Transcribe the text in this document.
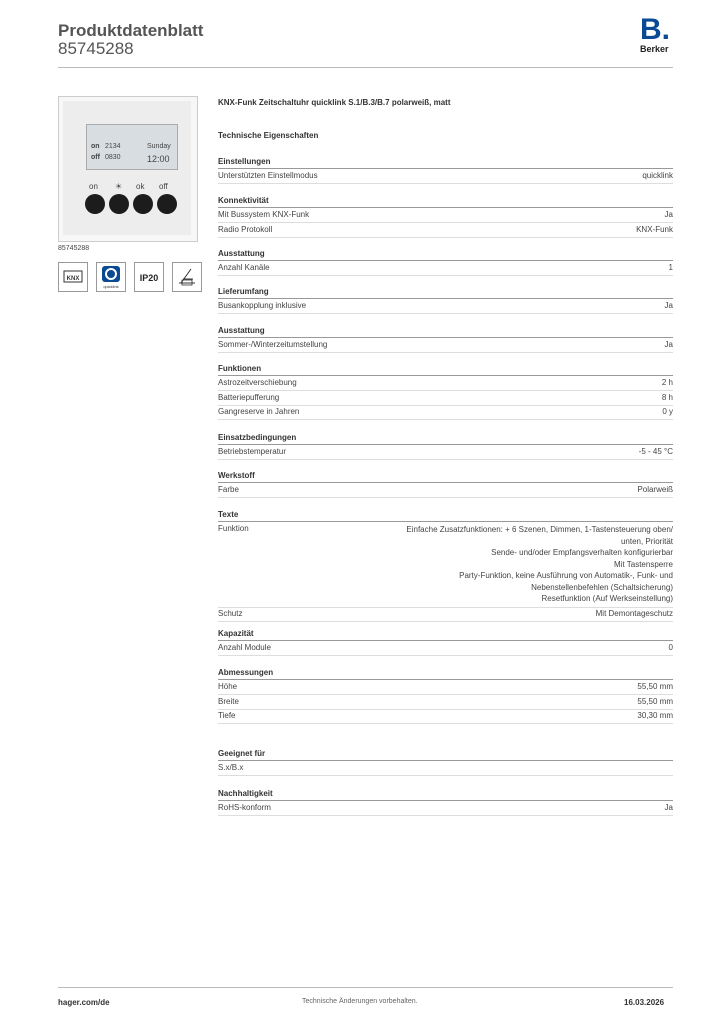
Produktdatenblatt
85745288
B.
Berker
on 2134	Sunday
off 0830	12:00
on ☀ ok off
85745288
KNX
quicklink
IP20
KNX-Funk Zeitschaltuhr quicklink S.1/B.3/B.7 polarweiß, matt
Technische Eigenschaften
Einstellungen
Unterstützten Einstellmodus	quicklink
Konnektivität
Mit Bussystem KNX-Funk	Ja
Radio Protokoll	KNX-Funk
Ausstattung
Anzahl Kanäle	1
Lieferumfang
Busankopplung inklusive	Ja
Ausstattung
Sommer-/Winterzeitumstellung	Ja
Funktionen
Astrozeitverschiebung	2 h
Batteriepufferung	8 h
Gangreserve in Jahren	0 y
Einsatzbedingungen
Betriebstemperatur	-5 - 45 °C
Werkstoff
Farbe	Polarweiß
Texte
Funktion	Einfache Zusatzfunktionen: + 6 Szenen, Dimmen, 1-Tastensteuerung oben/
unten, Priorität
Sende- und/oder Empfangsverhalten konfigurierbar
Mit Tastensperre
Party-Funktion, keine Ausführung von Automatik-, Funk- und
Nebenstellenbefehlen (Schaltsicherung)
Resetfunktion (Auf Werkseinstellung)
Schutz	Mit Demontageschutz
Kapazität
Anzahl Module	0
Abmessungen
Höhe	55,50 mm
Breite	55,50 mm
Tiefe	30,30 mm
Geeignet für
S.x/B.x
Nachhaltigkeit
RoHS-konform	Ja
hager.com/de	Technische Änderungen vorbehalten.	16.03.2026
